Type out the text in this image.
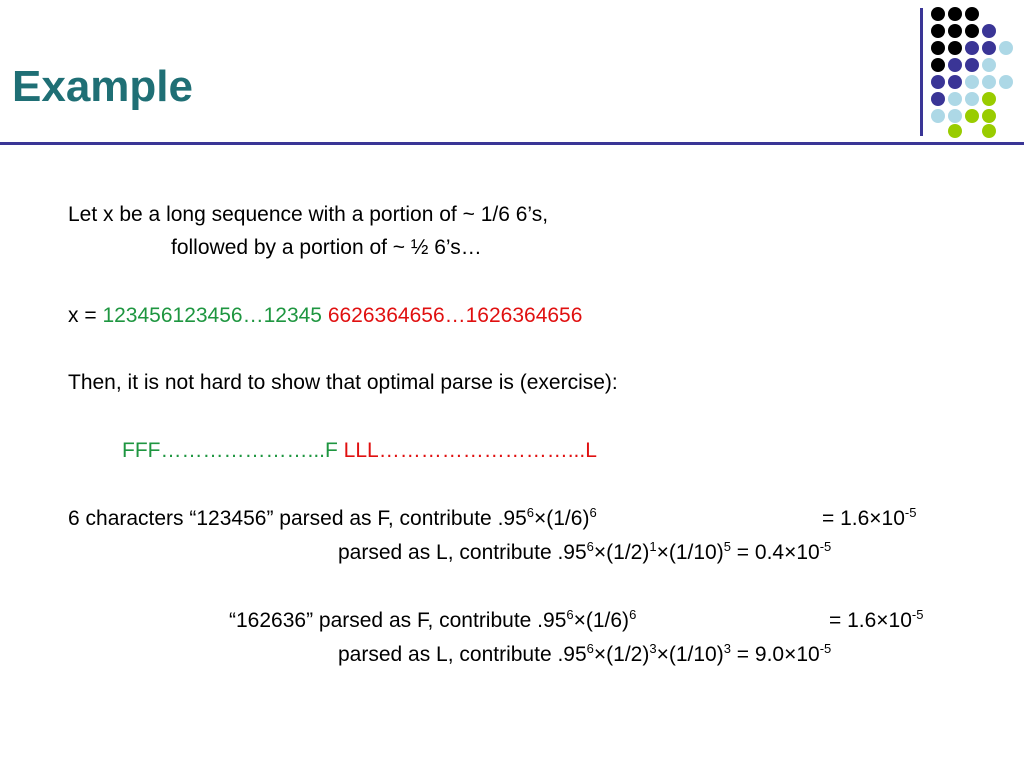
Example
Let x be a long sequence with a portion of ~ 1/6 6’s,
followed by a portion of ~ ½ 6’s…
x = 123456123456…12345 6626364656…1626364656
Then, it is not hard to show that optimal parse is (exercise):
FFF…………………...F LLL………………………...L
6 characters “123456” parsed as F, contribute $.95^6\times(1/6)^6$	= $1.6\times 10^{-5}$
parsed as L, contribute $.95^6\times(1/2)^1\times(1/10)^5 = 0.4\times 10^{-5}$
“162636” parsed as F, contribute $.95^6\times(1/6)^6$	= $1.6\times 10^{-5}$
parsed as L, contribute $.95^6\times(1/2)^3\times(1/10)^3 = 9.0\times 10^{-5}$
